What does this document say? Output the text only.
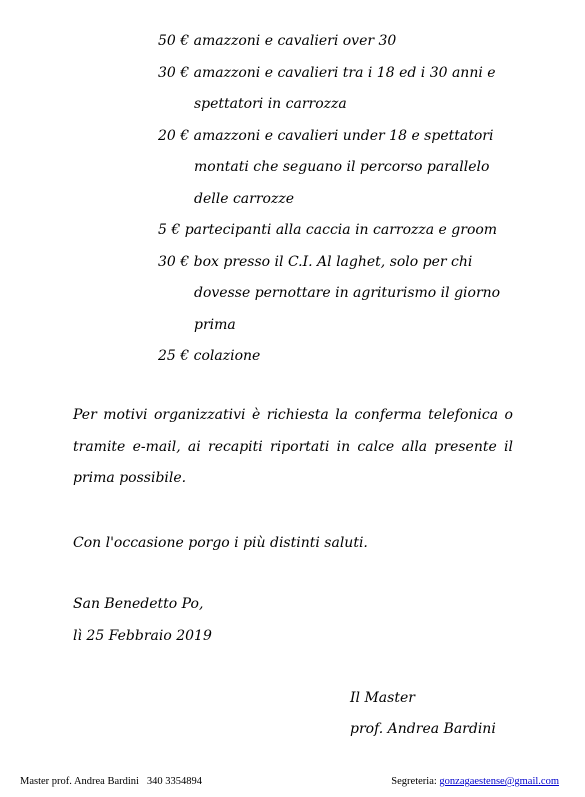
50 € amazzoni e cavalieri over 30
30 € amazzoni e cavalieri tra i 18 ed i 30 anni e
spettatori in carrozza
20 € amazzoni e cavalieri under 18 e spettatori
montati che seguano il percorso parallelo
delle carrozze
5 € partecipanti alla caccia in carrozza e groom
30 € box presso il C.I. Al laghet, solo per chi
dovesse pernottare in agriturismo il giorno
prima
25 € colazione

Per motivi organizzativi è richiesta la conferma telefonica o tramite e-mail, ai recapiti riportati in calce alla presente il prima possibile.

Con l'occasione porgo i più distinti saluti.

San Benedetto Po,
lì 25 Febbraio 2019
Il Master
prof. Andrea Bardini
Master prof. Andrea Bardini   340 3354894	Segreteria: gonzagaestense@gmail.com
